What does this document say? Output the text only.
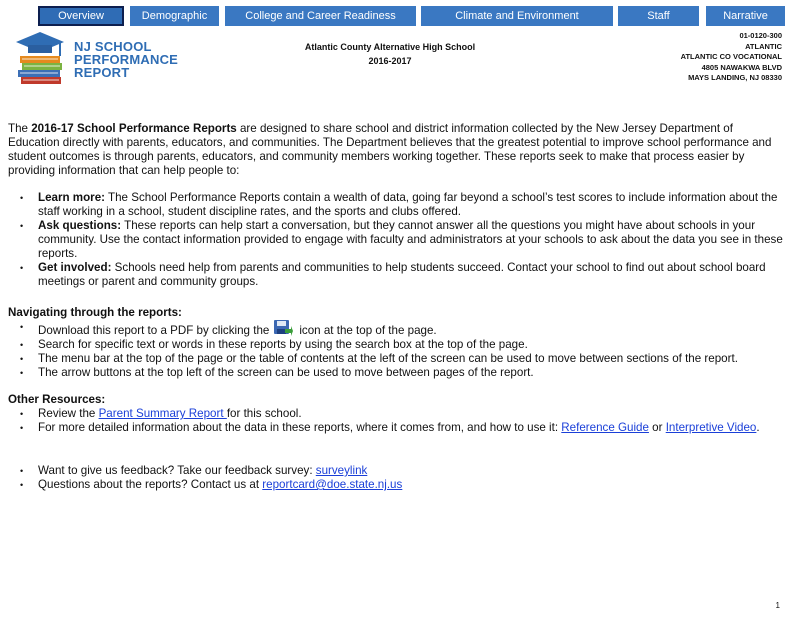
Overview	Demographic	College and Career Readiness	Climate and Environment	Staff	Narrative
NJ SCHOOL
PERFORMANCE
REPORT
Atlantic County Alternative High School
2016-2017
01-0120-300
ATLANTIC
ATLANTIC CO VOCATIONAL
4805 NAWAKWA BLVD
MAYS LANDING, NJ 08330

The 2016-17 School Performance Reports are designed to share school and district information collected by the New Jersey Department of Education directly with parents, educators, and communities. The Department believes that the greatest potential to improve school performance and student outcomes is through parents, educators, and community members working together. These reports seek to make that process easier by providing information that can help people to:

• Learn more: The School Performance Reports contain a wealth of data, going far beyond a school’s test scores to include information about the staff working in a school, student discipline rates, and the sports and clubs offered.
• Ask questions: These reports can help start a conversation, but they cannot answer all the questions you might have about schools in your community. Use the contact information provided to engage with faculty and administrators at your schools to ask about the data you see in these reports.
• Get involved: Schools need help from parents and communities to help students succeed. Contact your school to find out about school board meetings or parent and community groups.
Navigating through the reports:
• Download this report to a PDF by clicking the	icon at the top of the page.
• Search for specific text or words in these reports by using the search box at the top of the page.
• The menu bar at the top of the page or the table of contents at the left of the screen can be used to move between sections of the report.
• The arrow buttons at the top left of the screen can be used to move between pages of the report.
Other Resources:
• Review the Parent Summary Report for this school.
• For more detailed information about the data in these reports, where it comes from, and how to use it: Reference Guide or Interpretive Video.
• Want to give us feedback? Take our feedback survey: surveylink
• Questions about the reports? Contact us at reportcard@doe.state.nj.us
1
